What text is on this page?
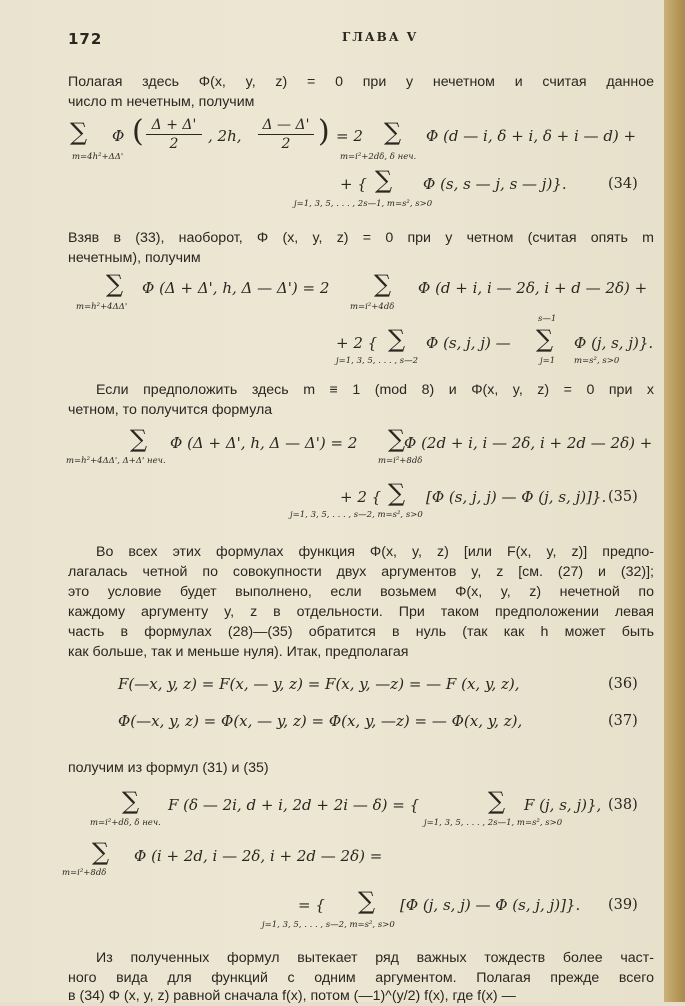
172	ГЛАВА V
Полагая здесь Φ(x, y, z) = 0 при y нечетном и считая данное
число m нечетным, получим
∑
m=4h²+ΔΔ'
Φ ( Δ + Δ'
2	, 2h,
Δ — Δ'
2 ) = 2 ∑
m=i²+2dδ, δ неч.
Φ (d — i, δ + i, δ + i — d) +
+ { ∑ Φ (s, s — j, s — j)}.
j=1, 3, 5, . . . , 2s—1, m=s², s>0
(34)
Взяв в (33), наоборот, Φ (x, y, z) = 0 при y четном (считая опять m
нечетным), получим
∑
m=h²+4ΔΔ'
Φ (Δ + Δ', h, Δ — Δ') = 2 ∑
m=i²+4dδ
Φ (d + i, i — 2δ, i + d — 2δ) +
+ 2 { ∑ Φ (s, j, j) —
s—1
∑ Φ (j, s, j)}.
j=1, 3, 5, . . . , s—2	j=1 m=s², s>0
Если предположить здесь m ≡ 1 (mod 8) и Φ(x, y, z) = 0 при x
четном, то получится формула
∑
m=h²+4ΔΔ', Δ+Δ' неч.
Φ (Δ + Δ', h, Δ — Δ') = 2 ∑
m=i²+8dδ
Φ (2d + i, i — 2δ, i + 2d — 2δ) +
+ 2 { ∑ [Φ (s, j, j) — Φ (j, s, j)]}.
j=1, 3, 5, . . . , s—2, m=s², s>0
(35)
Во всех этих формулах функция Φ(x, y, z) [или F(x, y, z)] предпо-
лагалась четной по совокупности двух аргументов y, z [см. (27) и (32)];
это условие будет выполнено, если возьмем Φ(x, y, z) нечетной по
каждому аргументу y, z в отдельности. При таком предположении левая
часть в формулах (28)—(35) обратится в нуль (так как h может быть
как больше, так и меньше нуля). Итак, предполагая
F(—x, y, z) = F(x, — y, z) = F(x, y, —z) = — F (x, y, z),	(36)
Φ(—x, y, z) = Φ(x, — y, z) = Φ(x, y, —z) = — Φ(x, y, z),	(37)
получим из формул (31) и (35)
∑
m=i²+dδ, δ неч.
F (δ — 2i, d + i, 2d + 2i — δ) = {	∑ F (j, s, j)},
j=1, 3, 5, . . . , 2s—1, m=s², s>0
(38)
∑
m=i²+8dδ
Φ (i + 2d, i — 2δ, i + 2d — 2δ) =
= { ∑ [Φ (j, s, j) — Φ (s, j, j)]}.
j=1, 3, 5, . . . , s—2, m=s², s>0
(39)
Из полученных формул вытекает ряд важных тождеств более част-
ного вида для функций с одним аргументом. Полагая прежде всего
в (34) Φ (x, y, z) равной сначала f(x), потом (—1)^(y/2) f(x), где f(x) —
